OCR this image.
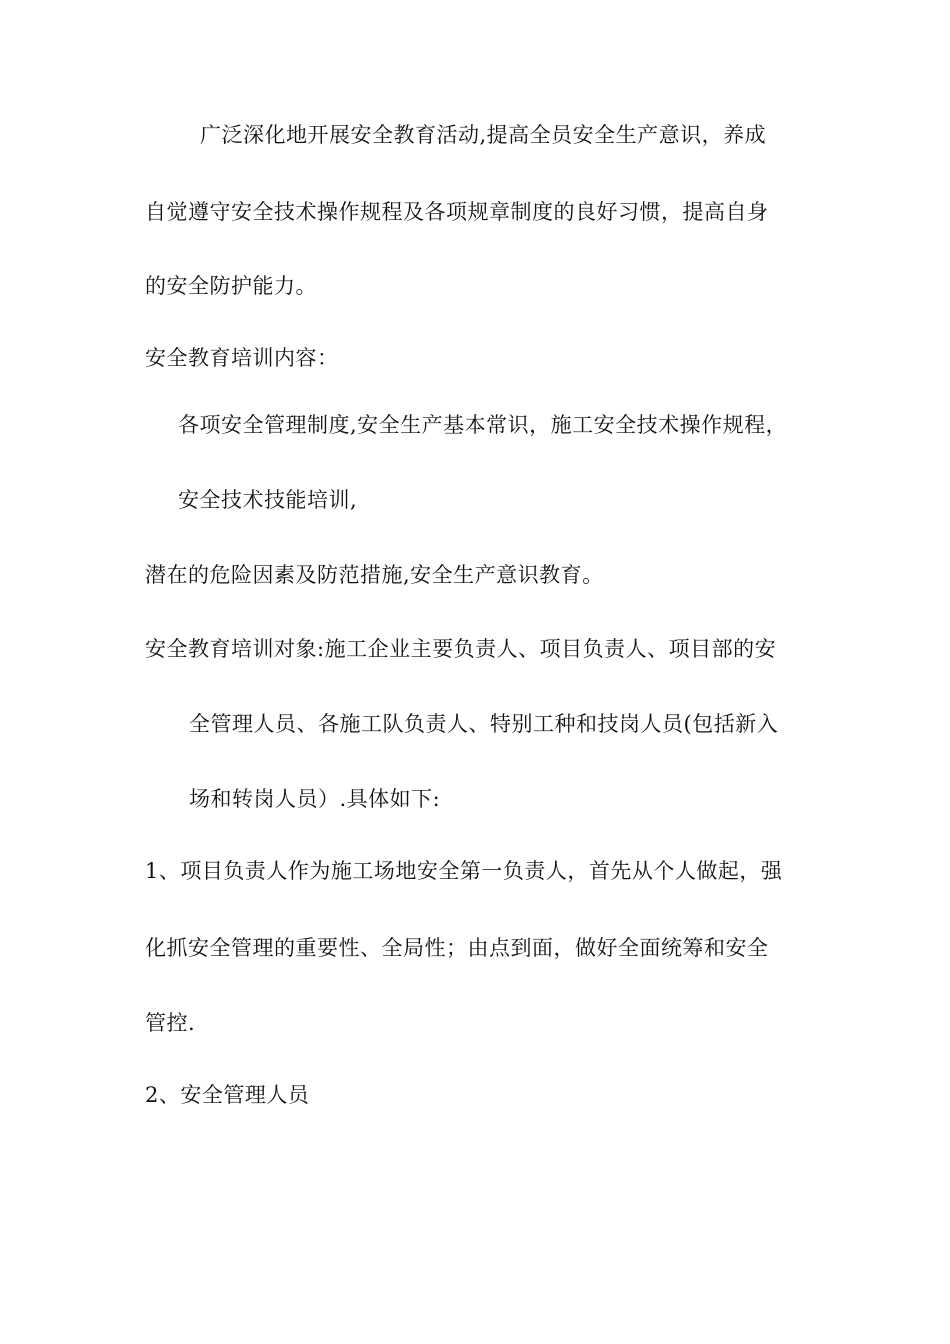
广泛深化地开展安全教育活动,提高全员安全生产意识，养成
自觉遵守安全技术操作规程及各项规章制度的良好习惯，提高自身
的安全防护能力。
安全教育培训内容：
各项安全管理制度,安全生产基本常识，施工安全技术操作规程，
安全技术技能培训,
潜在的危险因素及防范措施,安全生产意识教育。
安全教育培训对象:施工企业主要负责人、项目负责人、项目部的安
全管理人员、各施工队负责人、特别工种和技岗人员(包括新入
场和转岗人员）.具体如下:
1、项目负责人作为施工场地安全第一负责人，首先从个人做起，强
化抓安全管理的重要性、全局性；由点到面，做好全面统筹和安全
管控.
2、安全管理人员
